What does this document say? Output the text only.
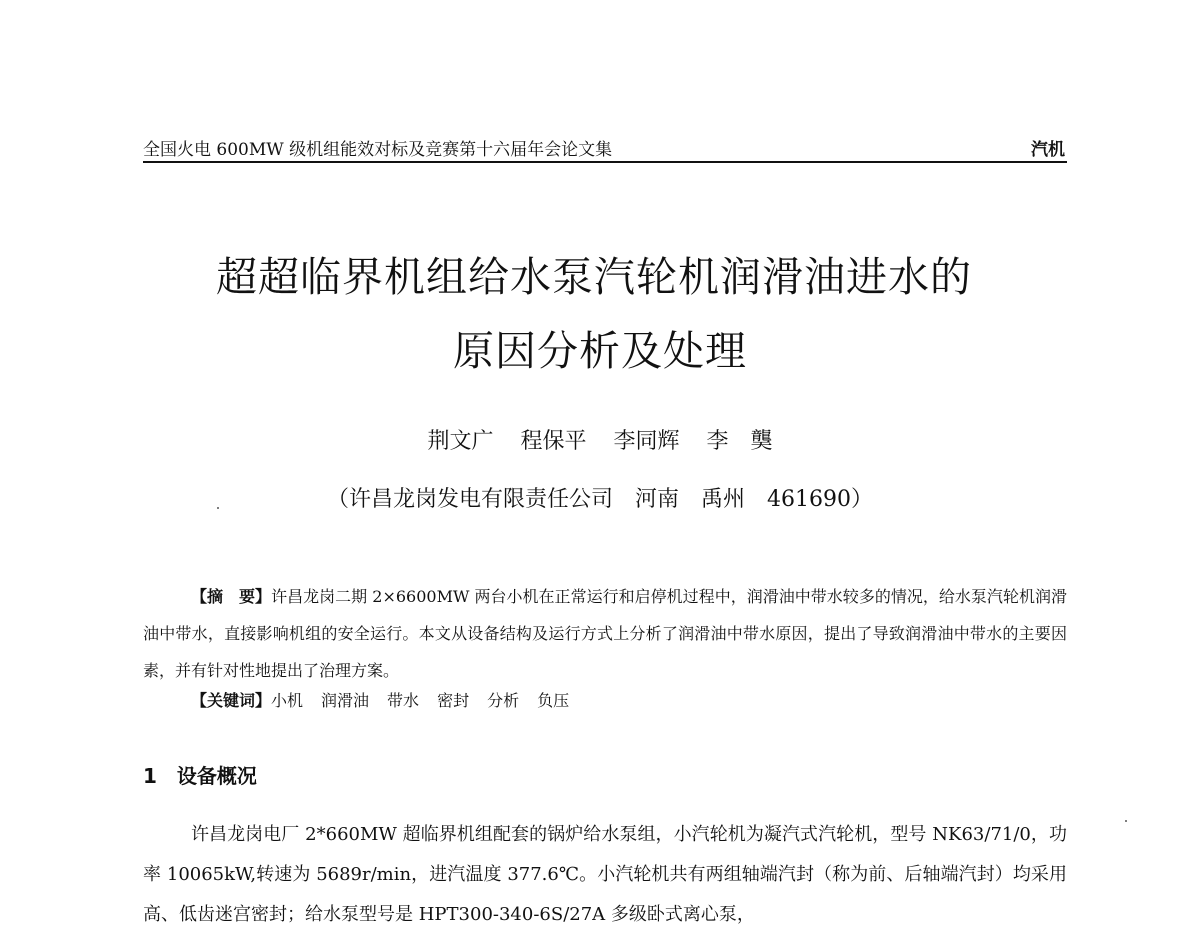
全国火电 600MW 级机组能效对标及竞赛第十六届年会论文集	汽机
超超临界机组给水泵汽轮机润滑油进水的
原因分析及处理
荆文广 程保平 李同辉 李　龑
（许昌龙岗发电有限责任公司　河南　禹州　461690）

【摘　要】许昌龙岗二期 2×6600MW 两台小机在正常运行和启停机过程中，润滑油中带水较多的情况，给水泵汽轮机润滑油中带水，直接影响机组的安全运行。本文从设备结构及运行方式上分析了润滑油中带水原因，提出了导致润滑油中带水的主要因素，并有针对性地提出了治理方案。

【关键词】小机 润滑油 带水 密封 分析 负压
1 设备概况

许昌龙岗电厂 2*660MW 超临界机组配套的锅炉给水泵组，小汽轮机为凝汽式汽轮机，型号 NK63/71/0，功率 10065kW,转速为 5689r/min，进汽温度 377.6℃。小汽轮机共有两组轴端汽封（称为前、后轴端汽封）均采用高、低齿迷宫密封；给水泵型号是 HPT300-340-6S/27A 多级卧式离心泵，
